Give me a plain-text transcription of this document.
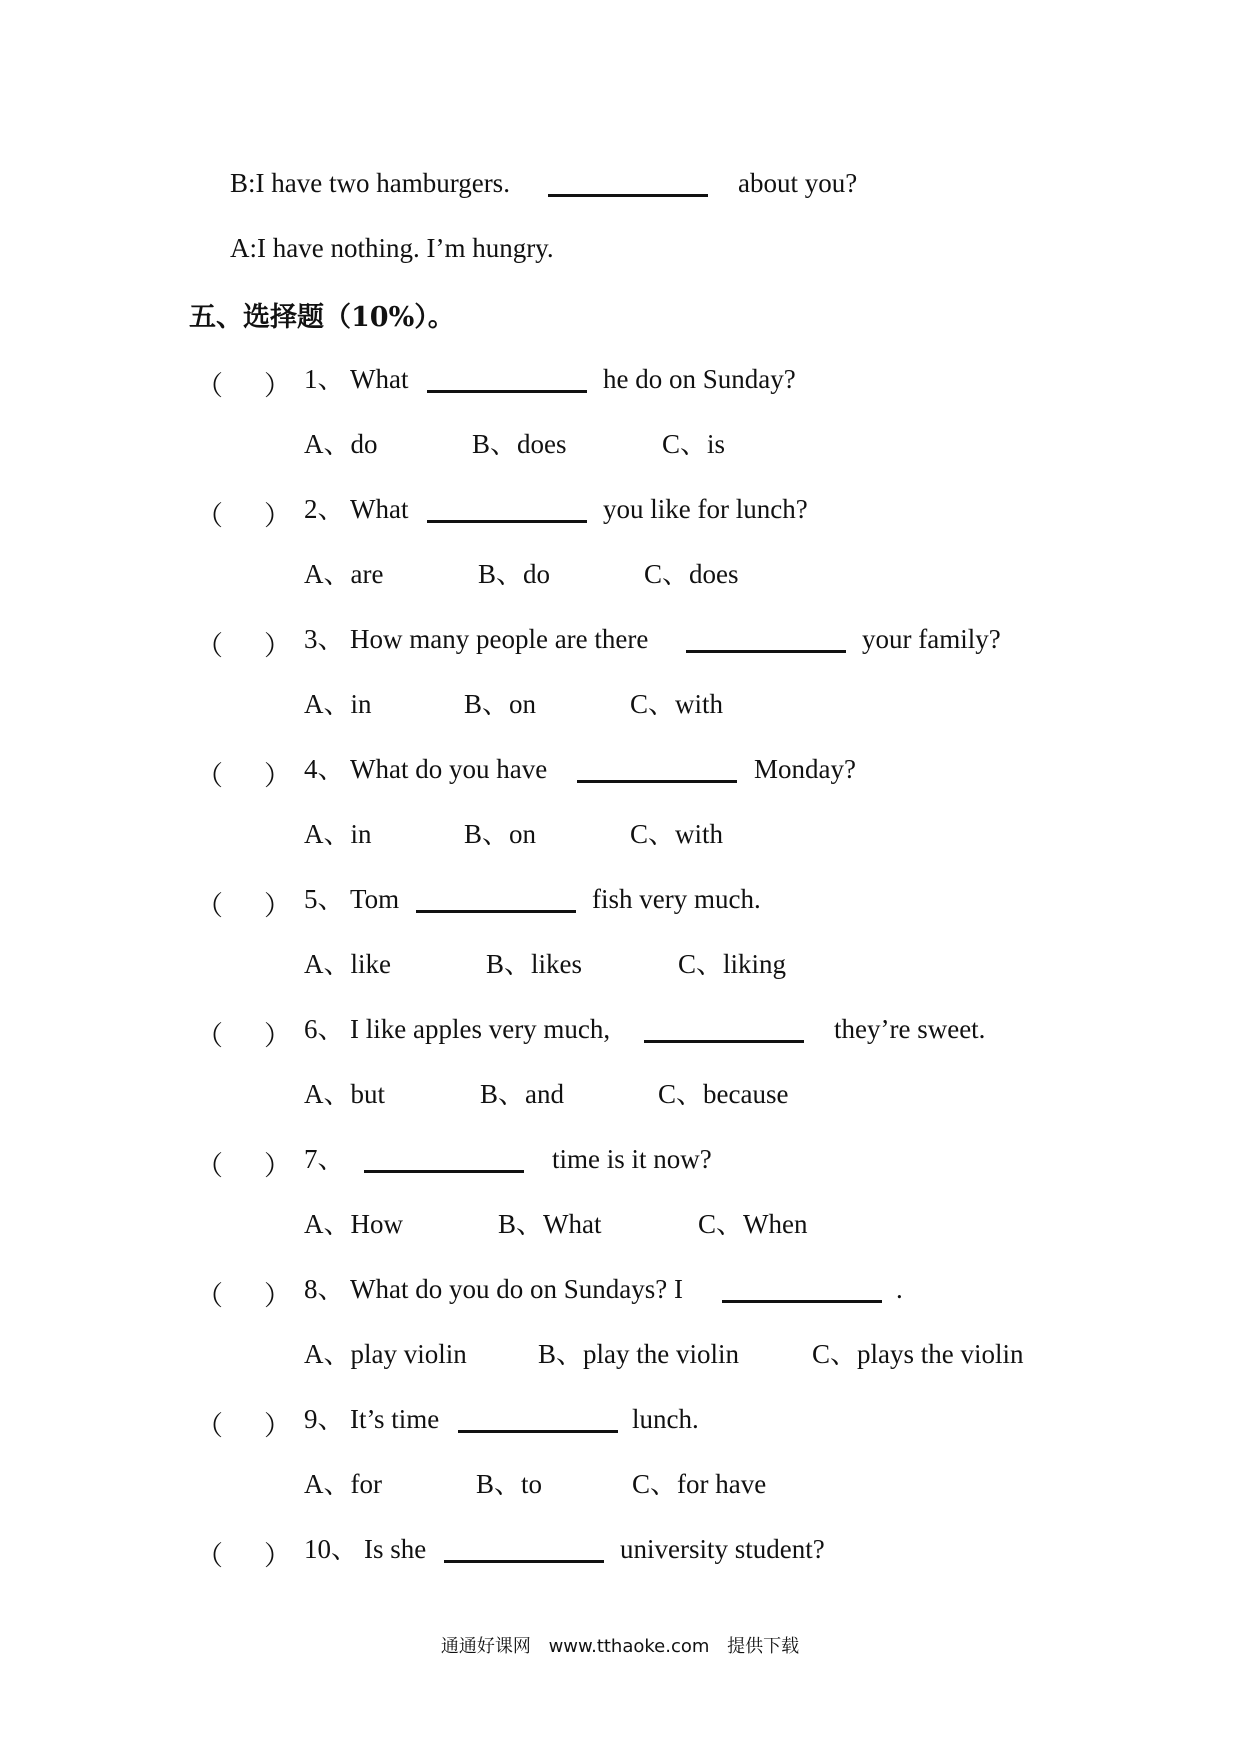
B:I have two hamburgers.	about you?
A:I have nothing. I’m hungry.
五、选择题（10%）。
（ ） 1、 What	he do on Sunday?
A、do	B、does	C、is
（ ） 2、 What	you like for lunch?
A、are	B、do	C、does
（ ） 3、 How many people are there	your family?
A、in	B、on	C、with
（ ） 4、 What do you have	Monday?
A、in	B、on	C、with
（ ） 5、 Tom	fish very much.
A、like	B、likes	C、liking
（ ） 6、 I like apples very much,	they’re sweet.
A、but	B、and	C、because
（ ） 7、	time is it now?
A、How	B、What	C、When
（ ） 8、 What do you do on Sundays? I	.
A、play violin	B、play the violin	C、plays the violin
（ ） 9、 It’s time	lunch.
A、for	B、to	C、for have
（ ） 10、 Is she	university student?
通通好课网 www.tthaoke.com 提供下载
